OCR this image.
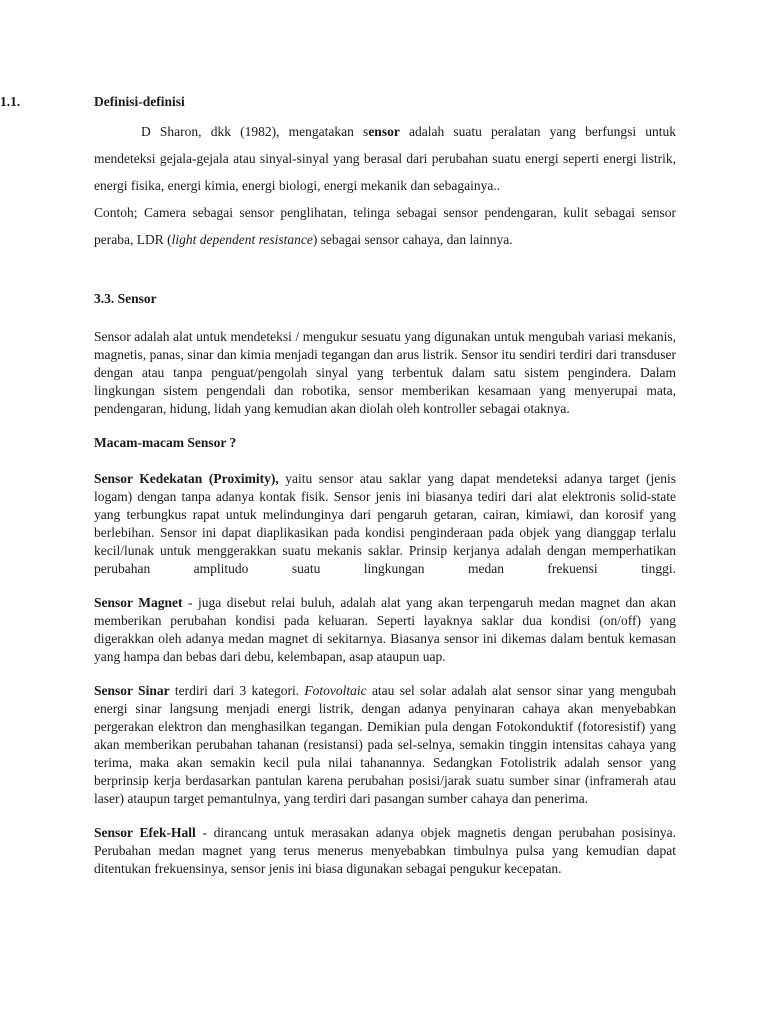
1.1.	Definisi-definisi

D Sharon, dkk (1982), mengatakan sensor adalah suatu peralatan yang berfungsi untuk mendeteksi gejala-gejala atau sinyal-sinyal yang berasal dari perubahan suatu energi seperti energi listrik, energi fisika, energi kimia, energi biologi, energi mekanik dan sebagainya..

Contoh; Camera sebagai sensor penglihatan, telinga sebagai sensor pendengaran, kulit sebagai sensor peraba, LDR (light dependent resistance) sebagai sensor cahaya, dan lainnya.

3.3. Sensor

Sensor adalah alat untuk mendeteksi / mengukur sesuatu yang digunakan untuk mengubah variasi mekanis, magnetis, panas, sinar dan kimia menjadi tegangan dan arus listrik. Sensor itu sendiri terdiri dari transduser dengan atau tanpa penguat/pengolah sinyal yang terbentuk dalam satu sistem pengindera. Dalam lingkungan sistem pengendali dan robotika, sensor memberikan kesamaan yang menyerupai mata, pendengaran, hidung, lidah yang kemudian akan diolah oleh kontroller sebagai otaknya.

Macam-macam Sensor ?

Sensor Kedekatan (Proximity), yaitu sensor atau saklar yang dapat mendeteksi adanya target (jenis logam) dengan tanpa adanya kontak fisik. Sensor jenis ini biasanya tediri dari alat elektronis solid-state yang terbungkus rapat untuk melindunginya dari pengaruh getaran, cairan, kimiawi, dan korosif yang berlebihan. Sensor ini dapat diaplikasikan pada kondisi penginderaan pada objek yang dianggap terlalu kecil/lunak untuk menggerakkan suatu mekanis saklar. Prinsip kerjanya adalah dengan memperhatikan perubahan amplitudo suatu lingkungan medan frekuensi tinggi.

Sensor Magnet - juga disebut relai buluh, adalah alat yang akan terpengaruh medan magnet dan akan memberikan perubahan kondisi pada keluaran. Seperti layaknya saklar dua kondisi (on/off) yang digerakkan oleh adanya medan magnet di sekitarnya. Biasanya sensor ini dikemas dalam bentuk kemasan yang hampa dan bebas dari debu, kelembapan, asap ataupun uap.

Sensor Sinar terdiri dari 3 kategori. Fotovoltaic atau sel solar adalah alat sensor sinar yang mengubah energi sinar langsung menjadi energi listrik, dengan adanya penyinaran cahaya akan menyebabkan pergerakan elektron dan menghasilkan tegangan. Demikian pula dengan Fotokonduktif (fotoresistif) yang akan memberikan perubahan tahanan (resistansi) pada sel-selnya, semakin tinggin intensitas cahaya yang terima, maka akan semakin kecil pula nilai tahanannya. Sedangkan Fotolistrik adalah sensor yang berprinsip kerja berdasarkan pantulan karena perubahan posisi/jarak suatu sumber sinar (inframerah atau laser) ataupun target pemantulnya, yang terdiri dari pasangan sumber cahaya dan penerima.

Sensor Efek-Hall - dirancang untuk merasakan adanya objek magnetis dengan perubahan posisinya. Perubahan medan magnet yang terus menerus menyebabkan timbulnya pulsa yang kemudian dapat ditentukan frekuensinya, sensor jenis ini biasa digunakan sebagai pengukur kecepatan.
